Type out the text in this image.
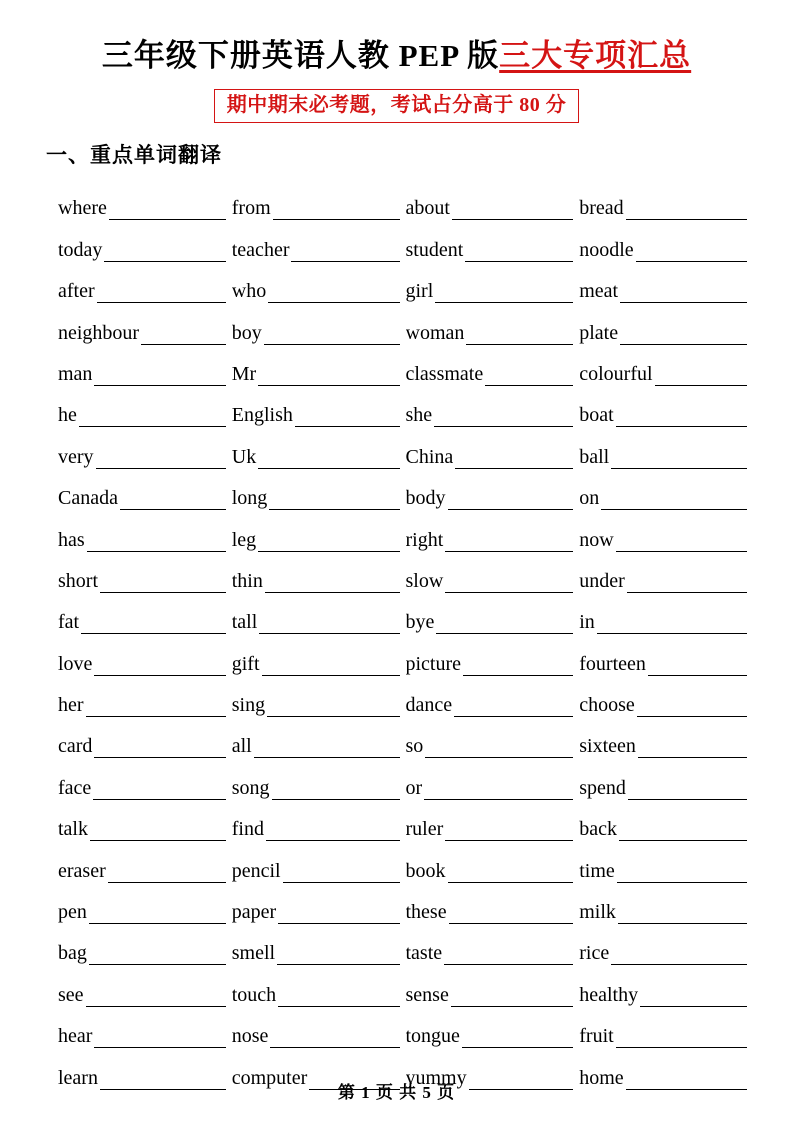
三年级下册英语人教 PEP 版三大专项汇总
期中期末必考题，考试占分高于 80 分
一、重点单词翻译
where	from	about	bread
today	teacher	student	noodle
after	who	girl	meat
neighbour	boy	woman	plate
man	Mr	classmate	colourful
he	English	she	boat
very	Uk	China	ball
Canada	long	body	on
has	leg	right	now
short	thin	slow	under
fat	tall	bye	in
love	gift	picture	fourteen
her	sing	dance	choose
card	all	so	sixteen
face	song	or	spend
talk	find	ruler	back
eraser	pencil	book	time
pen	paper	these	milk
bag	smell	taste	rice
see	touch	sense	healthy
hear	nose	tongue	fruit
learn	computer	yummy	home
第 1 页 共 5 页
